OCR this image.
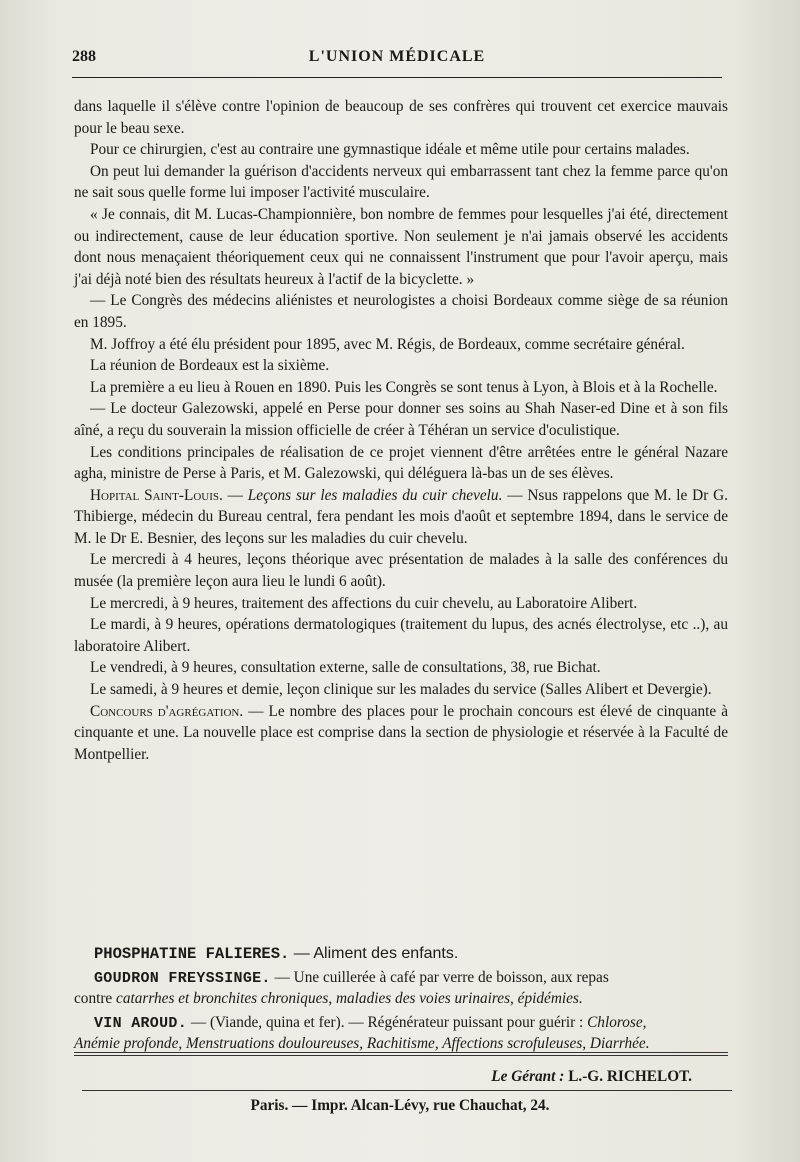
288	L'UNION MÉDICALE

dans laquelle il s'élève contre l'opinion de beaucoup de ses confrères qui trouvent cet exercice mauvais pour le beau sexe.

Pour ce chirurgien, c'est au contraire une gymnastique idéale et même utile pour certains malades.

On peut lui demander la guérison d'accidents nerveux qui embarrassent tant chez la femme parce qu'on ne sait sous quelle forme lui imposer l'activité musculaire.

« Je connais, dit M. Lucas-Championnière, bon nombre de femmes pour lesquelles j'ai été, directement ou indirectement, cause de leur éducation sportive. Non seulement je n'ai jamais observé les accidents dont nous menaçaient théoriquement ceux qui ne connaissent l'instrument que pour l'avoir aperçu, mais j'ai déjà noté bien des résultats heureux à l'actif de la bicyclette. »

— Le Congrès des médecins aliénistes et neurologistes a choisi Bordeaux comme siège de sa réunion en 1895.

M. Joffroy a été élu président pour 1895, avec M. Régis, de Bordeaux, comme secrétaire général.

La réunion de Bordeaux est la sixième.

La première a eu lieu à Rouen en 1890. Puis les Congrès se sont tenus à Lyon, à Blois et à la Rochelle.

— Le docteur Galezowski, appelé en Perse pour donner ses soins au Shah Naser-ed Dine et à son fils aîné, a reçu du souverain la mission officielle de créer à Téhéran un service d'oculistique.

Les conditions principales de réalisation de ce projet viennent d'être arrêtées entre le général Nazare agha, ministre de Perse à Paris, et M. Galezowski, qui déléguera là-bas un de ses élèves.

Hopital Saint-Louis. — Leçons sur les maladies du cuir chevelu. — Nsus rappelons que M. le Dr G. Thibierge, médecin du Bureau central, fera pendant les mois d'août et septembre 1894, dans le service de M. le Dr E. Besnier, des leçons sur les maladies du cuir chevelu.

Le mercredi à 4 heures, leçons théorique avec présentation de malades à la salle des conférences du musée (la première leçon aura lieu le lundi 6 août).

Le mercredi, à 9 heures, traitement des affections du cuir chevelu, au Laboratoire Alibert.

Le mardi, à 9 heures, opérations dermatologiques (traitement du lupus, des acnés électrolyse, etc ..), au laboratoire Alibert.

Le vendredi, à 9 heures, consultation externe, salle de consultations, 38, rue Bichat.

Le samedi, à 9 heures et demie, leçon clinique sur les malades du service (Salles Alibert et Devergie).

Concours d'agrégation. — Le nombre des places pour le prochain concours est élevé de cinquante à cinquante et une. La nouvelle place est comprise dans la section de physiologie et réservée à la Faculté de Montpellier.

PHOSPHATINE FALIERES. — Aliment des enfants.

GOUDRON FREYSSINGE. — Une cuillerée à café par verre de boisson, aux repas

contre catarrhes et bronchites chroniques, maladies des voies urinaires, épidémies.

VIN AROUD. — (Viande, quina et fer). — Régénérateur puissant pour guérir : Chlorose,

Anémie profonde, Menstruations douloureuses, Rachitisme, Affections scrofuleuses, Diarrhée.

Le Gérant : L.-G. RICHELOT.
Paris. — Impr. Alcan-Lévy, rue Chauchat, 24.
